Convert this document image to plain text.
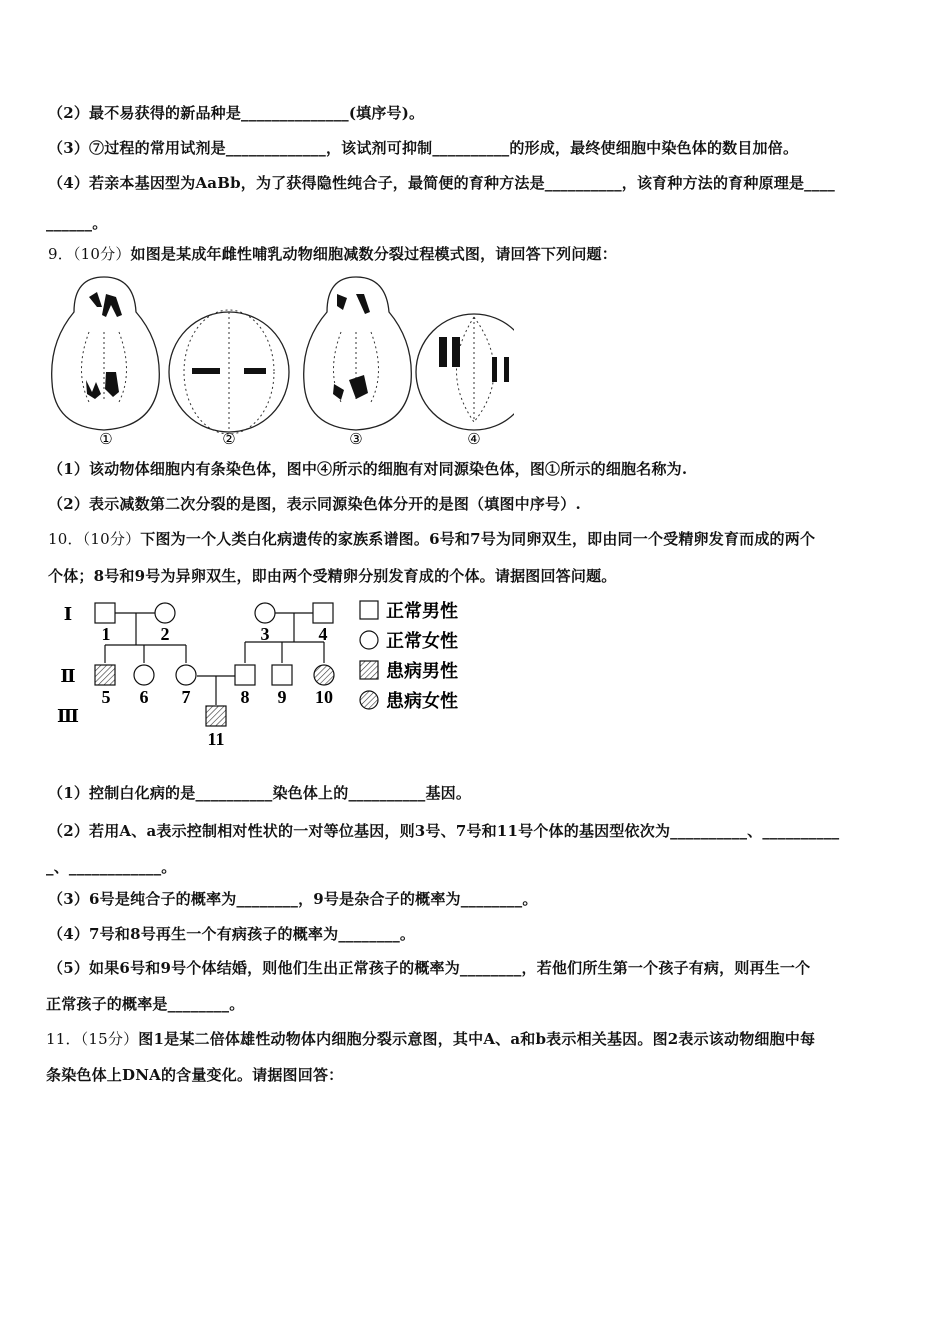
（2）最不易获得的新品种是______________(填序号)。
（3）⑦过程的常用试剂是_____________，该试剂可抑制__________的形成，最终使细胞中染色体的数目加倍。
（4）若亲本基因型为AaBb，为了获得隐性纯合子，最简便的育种方法是__________，该育种方法的育种原理是____
______。
9．（10分）如图是某成年雌性哺乳动物细胞减数分裂过程模式图，请回答下列问题：
①	②	③	④
（1）该动物体细胞内有条染色体，图中④所示的细胞有对同源染色体，图①所示的细胞名称为.
（2）表示减数第二次分裂的是图，表示同源染色体分开的是图（填图中序号）.
10．（10分）下图为一个人类白化病遗传的家族系谱图。6号和7号为同卵双生，即由同一个受精卵发育而成的两个
个体；8号和9号为异卵双生，即由两个受精卵分别发育成的个体。请据图回答问题。
Ⅰ
Ⅱ
Ⅲ
1	2	3	4
5 6 7	8 9 10
11
正常男性
正常女性
患病男性
患病女性
（1）控制白化病的是__________染色体上的__________基因。
（2）若用A、a表示控制相对性状的一对等位基因，则3号、7号和11号个体的基因型依次为__________、__________
_、____________。
（3）6号是纯合子的概率为________，9号是杂合子的概率为________。
（4）7号和8号再生一个有病孩子的概率为________。
（5）如果6号和9号个体结婚，则他们生出正常孩子的概率为________，若他们所生第一个孩子有病，则再生一个
正常孩子的概率是________。
11．（15分）图1是某二倍体雄性动物体内细胞分裂示意图，其中A、a和b表示相关基因。图2表示该动物细胞中每
条染色体上DNA的含量变化。请据图回答：
